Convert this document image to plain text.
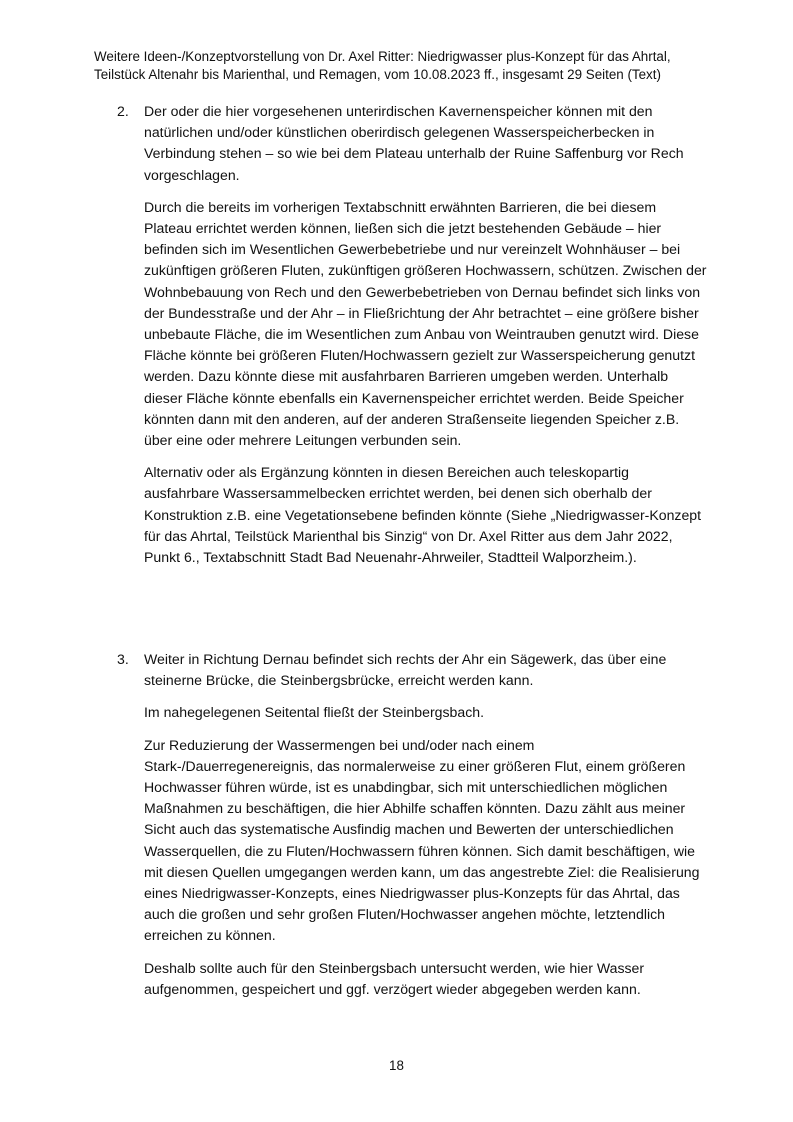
Weitere Ideen-/Konzeptvorstellung von Dr. Axel Ritter: Niedrigwasser plus-Konzept für das Ahrtal,
Teilstück Altenahr bis Marienthal, und Remagen, vom 10.08.2023 ff., insgesamt 29 Seiten (Text)
2. Der oder die hier vorgesehenen unterirdischen Kavernenspeicher können mit den natürlichen und/oder künstlichen oberirdisch gelegenen Wasserspeicherbecken in Verbindung stehen – so wie bei dem Plateau unterhalb der Ruine Saffenburg vor Rech vorgeschlagen.

Durch die bereits im vorherigen Textabschnitt erwähnten Barrieren, die bei diesem Plateau errichtet werden können, ließen sich die jetzt bestehenden Gebäude – hier befinden sich im Wesentlichen Gewerbebetriebe und nur vereinzelt Wohnhäuser – bei zukünftigen größeren Fluten, zukünftigen größeren Hochwassern, schützen. Zwischen der Wohnbebauung von Rech und den Gewerbebetrieben von Dernau befindet sich links von der Bundesstraße und der Ahr – in Fließrichtung der Ahr betrachtet – eine größere bisher unbebaute Fläche, die im Wesentlichen zum Anbau von Weintrauben genutzt wird. Diese Fläche könnte bei größeren Fluten/Hochwassern gezielt zur Wasserspeicherung genutzt werden. Dazu könnte diese mit ausfahrbaren Barrieren umgeben werden. Unterhalb dieser Fläche könnte ebenfalls ein Kavernenspeicher errichtet werden. Beide Speicher könnten dann mit den anderen, auf der anderen Straßenseite liegenden Speicher z.B. über eine oder mehrere Leitungen verbunden sein.

Alternativ oder als Ergänzung könnten in diesen Bereichen auch teleskopartig ausfahrbare Wassersammelbecken errichtet werden, bei denen sich oberhalb der Konstruktion z.B. eine Vegetationsebene befinden könnte (Siehe „Niedrigwasser-Konzept für das Ahrtal, Teilstück Marienthal bis Sinzig“ von Dr. Axel Ritter aus dem Jahr 2022, Punkt 6., Textabschnitt Stadt Bad Neuenahr-Ahrweiler, Stadtteil Walporzheim.).

3. Weiter in Richtung Dernau befindet sich rechts der Ahr ein Sägewerk, das über eine steinerne Brücke, die Steinbergsbrücke, erreicht werden kann.

Im nahegelegenen Seitental fließt der Steinbergsbach.

Zur Reduzierung der Wassermengen bei und/oder nach einem Stark-/Dauerregenereignis, das normalerweise zu einer größeren Flut, einem größeren Hochwasser führen würde, ist es unabdingbar, sich mit unterschiedlichen möglichen Maßnahmen zu beschäftigen, die hier Abhilfe schaffen könnten. Dazu zählt aus meiner Sicht auch das systematische Ausfindig machen und Bewerten der unterschiedlichen Wasserquellen, die zu Fluten/Hochwassern führen können. Sich damit beschäftigen, wie mit diesen Quellen umgegangen werden kann, um das angestrebte Ziel: die Realisierung eines Niedrigwasser-Konzepts, eines Niedrigwasser plus-Konzepts für das Ahrtal, das auch die großen und sehr großen Fluten/Hochwasser angehen möchte, letztendlich erreichen zu können.

Deshalb sollte auch für den Steinbergsbach untersucht werden, wie hier Wasser aufgenommen, gespeichert und ggf. verzögert wieder abgegeben werden kann.

18
